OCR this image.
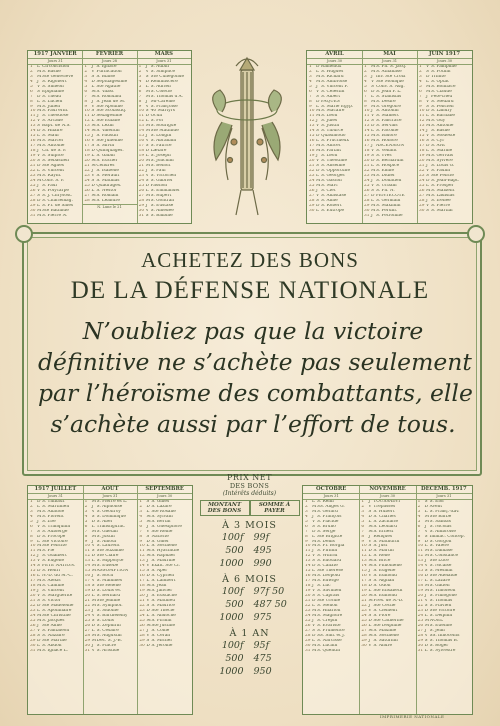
1917 JANVIER
Jours 31
1 L Circoncision
2 MS. Basile
3 MSte Geneviève
4 J S. Rigobert
5 V S. Siméon
6 S Epiphanie
7 D S. Théau
8 L S. Lucien
9 MS. Julien
10 MS. Paul erm.
11 J S. Théodose
12 V S. Arcade
13 S Bapt. de N.S.
14 D S. Hilaire
15 L S. Maur
16 MS. Marcel
17 MS. Antoine
18 J Ch. de S. P.
19 V S. Sulpice
20 S S. Sébastien
21 D Ste Agnès
22 L S. Vincent
23 MS. Raym.
24 MConv. S. P.
25 J S. Paul
26 V S. Polycarpe
27 S S. J. Chrysost.
28 D S. Charlemag.
29 L S. Fr. de Sales
30 MSte Bathilde
31 MS. Pierre N.
FÉVRIER
Jours 28
1 J S. Ignace
2 V Purification
3 S S. Blaise
4 D Septuagésime
5 L Ste Agathe
6 MS. Vaast
7 MS. Romuald
8 J S. Jean de M.
9 V Ste Apolline
10 S Ste Scolastiq.
11 D Sexagésime
12 L Ste Eulalie
13 MS. Lézin
14 MS. Valentin
15 J S. Faustin
16 V Ste Julienne
17 S S. Silvin
18 D Quinquagés.
19 L S. Gabin
20 MS. Eucher
21 MCendres
22 J S. Isabelle
23 V S. Mérault
24 S S. Mathias
25 D Quadragés.
26 L S. Nestor
27 MS. Romain
28 MS. Léandre
N. Lune le 21
MARS
Jours 31
1 J S. Aubin
2 V S. Simplice
3 S Ste Cunégonde
4 D Reminiscere
5 L S. Adrien
6 MS. Colette
7 MS. Thomas d'A.
8 J Mi-Carême
9 V S. Françoise
10 S 40 Martyrs
11 D Oculi
12 L S. Pol
13 MS. Rodrigue
14 MSte Mathilde
15 J S. Longin
16 V S. Abraham
17 S S. Patrice
18 D Lætare
19 L S. Joseph
20 MS. Joachim
21 MS. Benoît
22 J S. Paul
23 V S. Victorien
24 S S. Gabriel
25 D Passion
26 L S. Emmanuel
27 MS. Rupert
28 MS. Gontran
29 J S. Eustase
30 V S. Amédée
31 S S. Balbine
AVRIL
Jours 30
1 D Rameaux
2 L S. Hugues
3 MS. Richard
4 MS. Ambroise
5 J S. Vincent F.
6 V S. Célestin
7 S S. Albert
8 D PÂQUES
9 L S. Marie Egyp.
10 MS. Macaire
11 MS. Léon
12 J S. Jules
13 V S. Justin
14 S S. Tiburce
15 D Quasimodo
16 L S. Fructueux
17 MS. Anicet
18 MS. Parfait
19 J S. Léon
20 V S. Théotime
21 S S. Anselme
22 D S. Opportune
23 L S. Georges
24 MS. Gaston
25 MS. Marc
26 J S. Clet
27 V S. Anastase
28 S S. Aimé
29 D S. Robert
30 L S. Eutrope
MAI
Jours 31
1 MS. Ph. S. Jacq.
2 MS. Athanase
3 J Inv. Ste Croix
4 V Ste Monique
5 S Conv. S. Aug.
6 D S. Jean P. L.
7 L S. Stanislas
8 MS. Désiré
9 MS. Grégoire
10 J S. Antonin
11 V S. Mamert
12 S S. Pancrace
13 D S. Servais
14 L S. Pacôme
15 MS. Isidore
16 MS. Honoré
17 J ASCENSION
18 V S. Venant
19 S S. Yves
20 D S. Bernardin
21 L S. Hospice
22 MS. Émile
23 MS. Didier
24 J S. Donatien
25 V S. Urbain
26 S S. Ph. N.
27 D PENTECÔTE
28 L S. Germain
29 MS. Maximin
30 MS. Ferdin.
31 J S. Pétronille
JUIN 1917
Jours 30
1 V S. Pamphile
2 S S. Pothin
3 D Trinité
4 L S. Optat
5 MS. Boniface
6 MS. Claude
7 J Fête-Dieu
8 V S. Médard
9 S S. Félicien
10 D S. Landry
11 L S. Barnabé
12 MS. Guy
13 MS. Antoine
14 J S. Basile
15 V S. Modeste
16 S S. Cyr
17 D S. Avit
18 L S. Marine
19 MS. Gervais
20 MS. Sylvère
21 J S. Louis G.
22 V S. Paulin
23 S Ste Félicie
24 D S. Jean-Bapt.
25 L S. Prosper
26 MS. Maixent
27 MS. Ladislas
28 J S. Irénée
29 V S. Pierre
30 S S. Martial
ACHETEZ DES BONS
DE LA DÉFENSE NATIONALE
N’oubliez pas que la victoire
définitive ne s’achète pas seulement
par l’héroïsme des combattants, elle
s’achète aussi par l’effort de tous.
1917 JUILLET
Jours 31
1 D S. Thibaut
2 L S. Martinien
3 MS. Anatole
4 MS. Florent
5 J S. Zoé
6 V S. Tranquilin
7 S S. Aubierge
8 D S. Procope
9 L Ste Victoire
10 MSte Félicité
11 MS. Pie
12 J S. Gualbert
13 V S. Eugène
14 S FÊTE NATION.
15 D S. Henri
16 L N.-D. du M.-C.
17 MS. Alexis
18 MS. Camille
19 J S. Vincent
20 V S. Marguerite
21 S S. Victor
22 D Ste Madeleine
23 L S. Apollinaire
24 MSte Christine
25 MS. Jacques
26 J Ste Anne
27 V S. Pantaléon
28 S S. Nazaire
29 D Ste Marthe
30 L S. Abdon
31 MS. Ignace L.
AOUT
Jours 31
1 MS. Pierre ès L.
2 J S. Alphonse
3 V S. Geoffroy
4 S S. Dominique
5 D S. Abel
6 L Transfigurat.
7 MS. Gaétan
8 MS. Justin
9 J S. Amour
10 V S. Laurent
11 S Ste Suzanne
12 D Ste Claire
13 L S. Hippolyte
14 MS. Eusèbe
15 MASSOMPTION
16 J S. Roch
17 V S. Mammès
18 S Ste Hélène
19 D S. Louis év.
20 L S. Bernard
21 MSte Jeanne
22 MS. Symphor.
23 J S. Sidoine
24 V S. Barthélemy
25 S S. Louis
26 D S. Zéphirin
27 L S. Césaire
28 MS. Augustin
29 MDéc. S. J.-B.
30 J S. Fiacre
31 V S. Aristide
SEPTEMBRE
Jours 30
1 S S. Gilles
2 D S. Lazare
3 L Ste Rosalie
4 MS. Sylvain
5 MS. Bertin
6 J S. Onésiphore
7 V Ste Reine
8 S Nativité
9 D S. Omer
10 L S. Sosthène
11 MS. Hyacinthe
12 MS. Raphaël
13 J S. Maurille
14 V Exalt. Ste Cr.
15 S S. Aper
16 D S. Cyprien
17 L S. Lambert
18 MS. Jean
19 MS. Janvier
20 J S. Eustache
21 V S. Mathieu
22 S S. Maurice
23 D Ste Thècle
24 L S. Andoche
25 MS. Firmin
26 MSte Justine
27 J S. Côme
28 V S. Céran
29 S S. Michel
30 D S. Jérôme
PRIX NET
DES BONS
(Intérêts déduits)
MONTANT DES BONS
SOMME À PAYER
À 3 MOIS
100f	99f
500	495
1000	990
À 6 MOIS
100f	97f 50
500	487 50
1000	975
À 1 AN
100f	95f
500	475
1000	950
OCTOBRE
Jours 31
1 L S. Remi
2 MSS. Anges G.
3 MS. Gérard
4 J S. François
5 V S. Placide
6 S S. Bruno
7 D S. Serge
8 L Ste Brigitte
9 MS. Denis
10 MS. Fr. Borgia
11 J S. Firmin
12 V S. Wilfrid
13 S S. Édouard
14 D S. Calixte
15 L Ste Thérèse
16 MS. Léopold
17 MS. Edwige
18 J S. Luc
19 V S. Savinien
20 S S. Caprais
21 D Ste Ursule
22 L S. Mellon
23 MS. Hilarion
24 MS. Magloire
25 J S. Crépin
26 V S. Évariste
27 S S. Frumence
28 D SS. Sim. et J.
29 L S. Narcisse
30 MS. Lucain
31 MS. Quentin
NOVEMBRE
Jours 30
1 J TOUSSAINT
2 V Trépassés
3 S S. Hubert
4 D S. Charles
5 L S. Zacharie
6 MS. Léonard
7 MS. Ernest
8 J Reliques
9 V S. Mathurin
10 S S. Just
11 D S. Martin
12 L S. René
13 MS. Brice
14 MS. Philomène
15 J S. Eugène
16 V S. Edmond
17 S S. Aignan
18 D S. Odon
19 L Ste Elisabeth
20 MS. Edmond
21 MPrés. de N.-D.
22 J Ste Cécile
23 V S. Clément
24 S S. Flore
25 D Ste Catherine
26 L Ste Delphine
27 MS. Maxime
28 MS. Sosthène
29 J S. Saturnin
30 V S. André
DÉCEMB. 1917
Jours 31
1 S S. Éloi
2 D Avent
3 L S. Franç.-Xav.
4 MSte Barbe
5 MS. Sabbas
6 J S. Nicolas
7 V S. Ambroise
8 S Immac. Concep.
9 D S. Gorgon
10 L S. Valère
11 MS. Damase
12 MS. Constance
13 J Ste Luce
14 V S. Nicaise
15 S S. Mesmin
16 D Ste Adélaïde
17 L S. Lazare
18 MS. Gatien
19 MS. Timoléon
20 J S. Philogone
21 V S. Thomas
22 S S. Flavien
23 D Ste Victoire
24 L S. Delphin
25 MNOËL
26 MS. Étienne
27 J S. Jean
28 V SS. Innocents
29 S S. Thomas B.
30 D S. Roger
31 L S. Sylvestre
IMPRIMERIE NATIONALE
